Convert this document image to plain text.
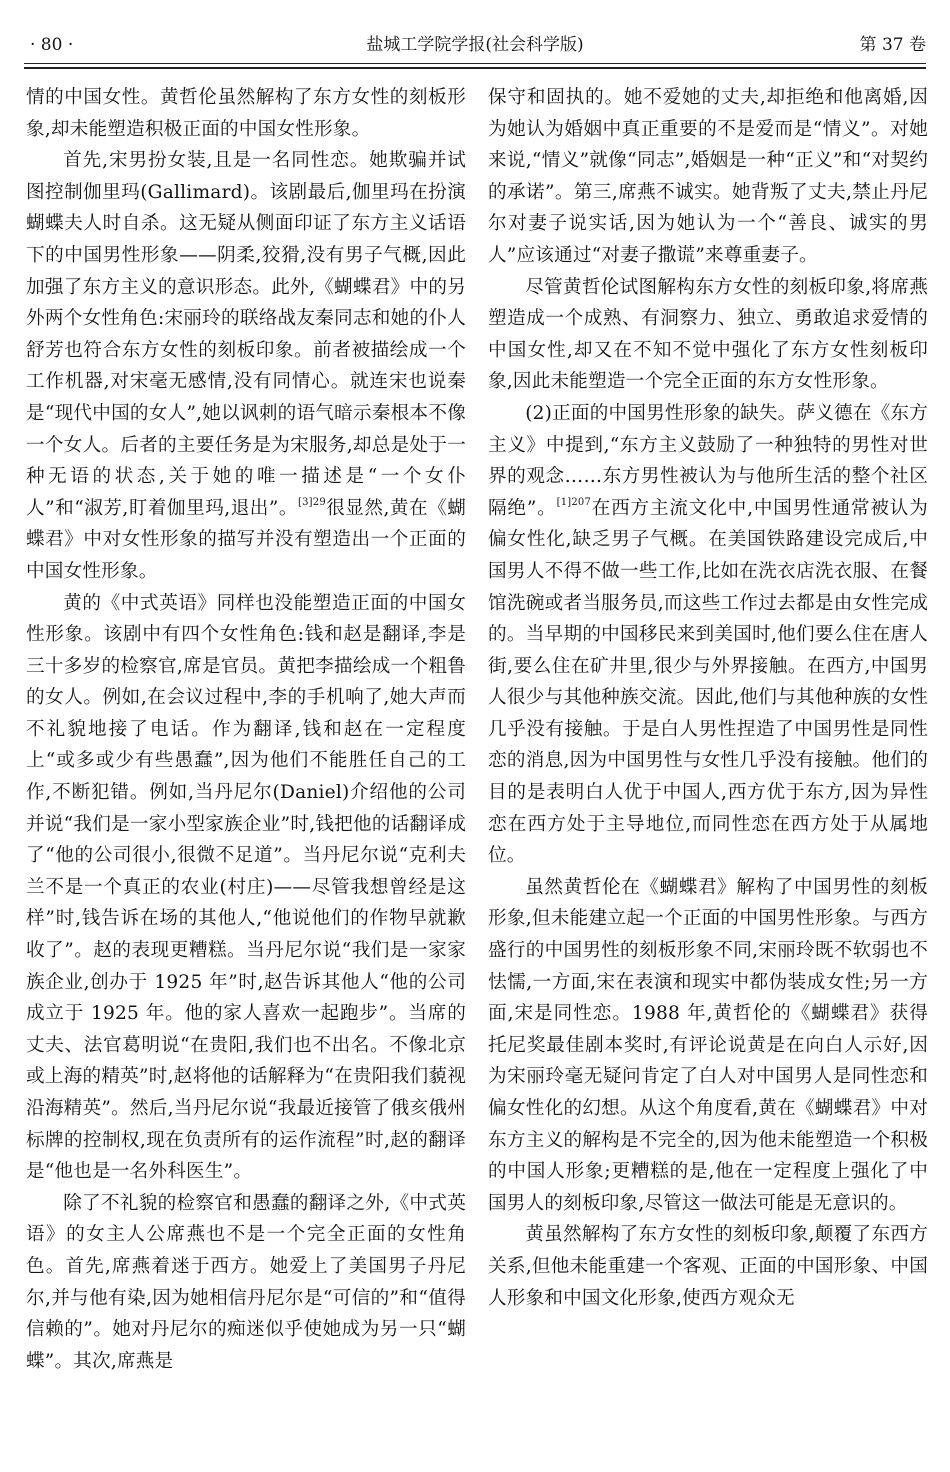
· 80 ·	盐城工学院学报(社会科学版)	第 37 卷

情的中国女性。黄哲伦虽然解构了东方女性的刻板形象,却未能塑造积极正面的中国女性形象。

首先,宋男扮女装,且是一名同性恋。她欺骗并试图控制伽里玛(Gallimard)。该剧最后,伽里玛在扮演蝴蝶夫人时自杀。这无疑从侧面印证了东方主义话语下的中国男性形象——阴柔,狡猾,没有男子气概,因此加强了东方主义的意识形态。此外,《蝴蝶君》中的另外两个女性角色:宋丽玲的联络战友秦同志和她的仆人舒芳也符合东方女性的刻板印象。前者被描绘成一个工作机器,对宋毫无感情,没有同情心。就连宋也说秦是“现代中国的女人”,她以讽刺的语气暗示秦根本不像一个女人。后者的主要任务是为宋服务,却总是处于一种无语的状态,关于她的唯一描述是“一个女仆人”和“淑芳,盯着伽里玛,退出”。$^{[3]29}$很显然,黄在《蝴蝶君》中对女性形象的描写并没有塑造出一个正面的中国女性形象。

黄的《中式英语》同样也没能塑造正面的中国女性形象。该剧中有四个女性角色:钱和赵是翻译,李是三十多岁的检察官,席是官员。黄把李描绘成一个粗鲁的女人。例如,在会议过程中,李的手机响了,她大声而不礼貌地接了电话。作为翻译,钱和赵在一定程度上“或多或少有些愚蠢”,因为他们不能胜任自己的工作,不断犯错。例如,当丹尼尔(Daniel)介绍他的公司并说“我们是一家小型家族企业”时,钱把他的话翻译成了“他的公司很小,很微不足道”。当丹尼尔说“克利夫兰不是一个真正的农业(村庄)——尽管我想曾经是这样”时,钱告诉在场的其他人,“他说他们的作物早就歉收了”。赵的表现更糟糕。当丹尼尔说“我们是一家家族企业,创办于 1925 年”时,赵告诉其他人“他的公司成立于 1925 年。他的家人喜欢一起跑步”。当席的丈夫、法官葛明说“在贵阳,我们也不出名。不像北京或上海的精英”时,赵将他的话解释为“在贵阳我们藐视沿海精英”。然后,当丹尼尔说“我最近接管了俄亥俄州标牌的控制权,现在负责所有的运作流程”时,赵的翻译是“他也是一名外科医生”。

除了不礼貌的检察官和愚蠢的翻译之外,《中式英语》的女主人公席燕也不是一个完全正面的女性角色。首先,席燕着迷于西方。她爱上了美国男子丹尼尔,并与他有染,因为她相信丹尼尔是“可信的”和“值得信赖的”。她对丹尼尔的痴迷似乎使她成为另一只“蝴蝶”。其次,席燕是

保守和固执的。她不爱她的丈夫,却拒绝和他离婚,因为她认为婚姻中真正重要的不是爱而是“情义”。对她来说,“情义”就像“同志”,婚姻是一种“正义”和“对契约的承诺”。第三,席燕不诚实。她背叛了丈夫,禁止丹尼尔对妻子说实话,因为她认为一个“善良、诚实的男人”应该通过“对妻子撒谎”来尊重妻子。

尽管黄哲伦试图解构东方女性的刻板印象,将席燕塑造成一个成熟、有洞察力、独立、勇敢追求爱情的中国女性,却又在不知不觉中强化了东方女性刻板印象,因此未能塑造一个完全正面的东方女性形象。

(2)正面的中国男性形象的缺失。萨义德在《东方主义》中提到,“东方主义鼓励了一种独特的男性对世界的观念……东方男性被认为与他所生活的整个社区隔绝”。$^{[1]207}$在西方主流文化中,中国男性通常被认为偏女性化,缺乏男子气概。在美国铁路建设完成后,中国男人不得不做一些工作,比如在洗衣店洗衣服、在餐馆洗碗或者当服务员,而这些工作过去都是由女性完成的。当早期的中国移民来到美国时,他们要么住在唐人街,要么住在矿井里,很少与外界接触。在西方,中国男人很少与其他种族交流。因此,他们与其他种族的女性几乎没有接触。于是白人男性捏造了中国男性是同性恋的消息,因为中国男性与女性几乎没有接触。他们的目的是表明白人优于中国人,西方优于东方,因为异性恋在西方处于主导地位,而同性恋在西方处于从属地位。

虽然黄哲伦在《蝴蝶君》解构了中国男性的刻板形象,但未能建立起一个正面的中国男性形象。与西方盛行的中国男性的刻板形象不同,宋丽玲既不软弱也不怯懦,一方面,宋在表演和现实中都伪装成女性;另一方面,宋是同性恋。1988 年,黄哲伦的《蝴蝶君》获得托尼奖最佳剧本奖时,有评论说黄是在向白人示好,因为宋丽玲毫无疑问肯定了白人对中国男人是同性恋和偏女性化的幻想。从这个角度看,黄在《蝴蝶君》中对东方主义的解构是不完全的,因为他未能塑造一个积极的中国人形象;更糟糕的是,他在一定程度上强化了中国男人的刻板印象,尽管这一做法可能是无意识的。

黄虽然解构了东方女性的刻板印象,颠覆了东西方关系,但他未能重建一个客观、正面的中国形象、中国人形象和中国文化形象,使西方观众无
